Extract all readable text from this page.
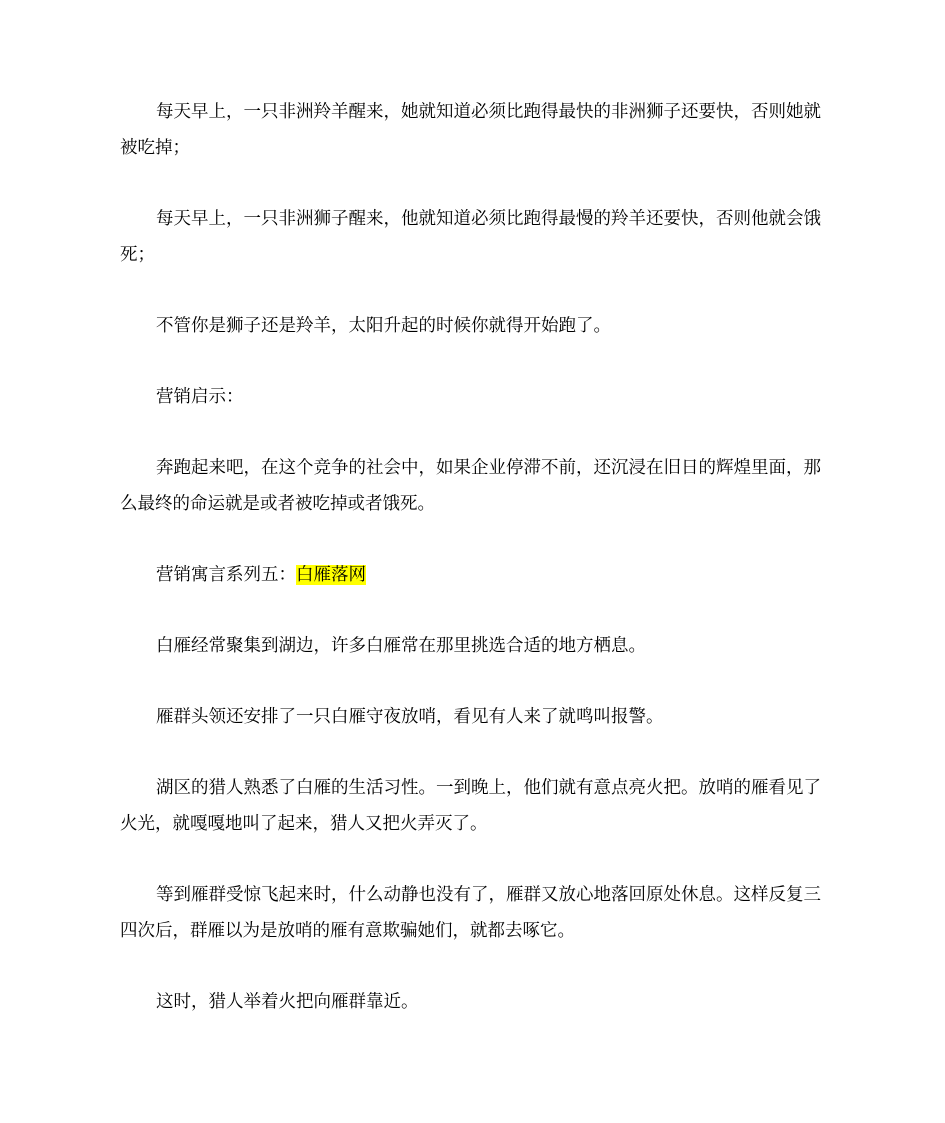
每天早上，一只非洲羚羊醒来，她就知道必须比跑得最快的非洲狮子还要快，否则她就被吃掉；

每天早上，一只非洲狮子醒来，他就知道必须比跑得最慢的羚羊还要快，否则他就会饿死；

不管你是狮子还是羚羊，太阳升起的时候你就得开始跑了。

营销启示：

奔跑起来吧，在这个竞争的社会中，如果企业停滞不前，还沉浸在旧日的辉煌里面，那么最终的命运就是或者被吃掉或者饿死。

营销寓言系列五：白雁落网

白雁经常聚集到湖边，许多白雁常在那里挑选合适的地方栖息。

雁群头领还安排了一只白雁守夜放哨，看见有人来了就鸣叫报警。

湖区的猎人熟悉了白雁的生活习性。一到晚上，他们就有意点亮火把。放哨的雁看见了火光，就嘎嘎地叫了起来，猎人又把火弄灭了。

等到雁群受惊飞起来时，什么动静也没有了，雁群又放心地落回原处休息。这样反复三四次后，群雁以为是放哨的雁有意欺骗她们，就都去啄它。

这时，猎人举着火把向雁群靠近。
